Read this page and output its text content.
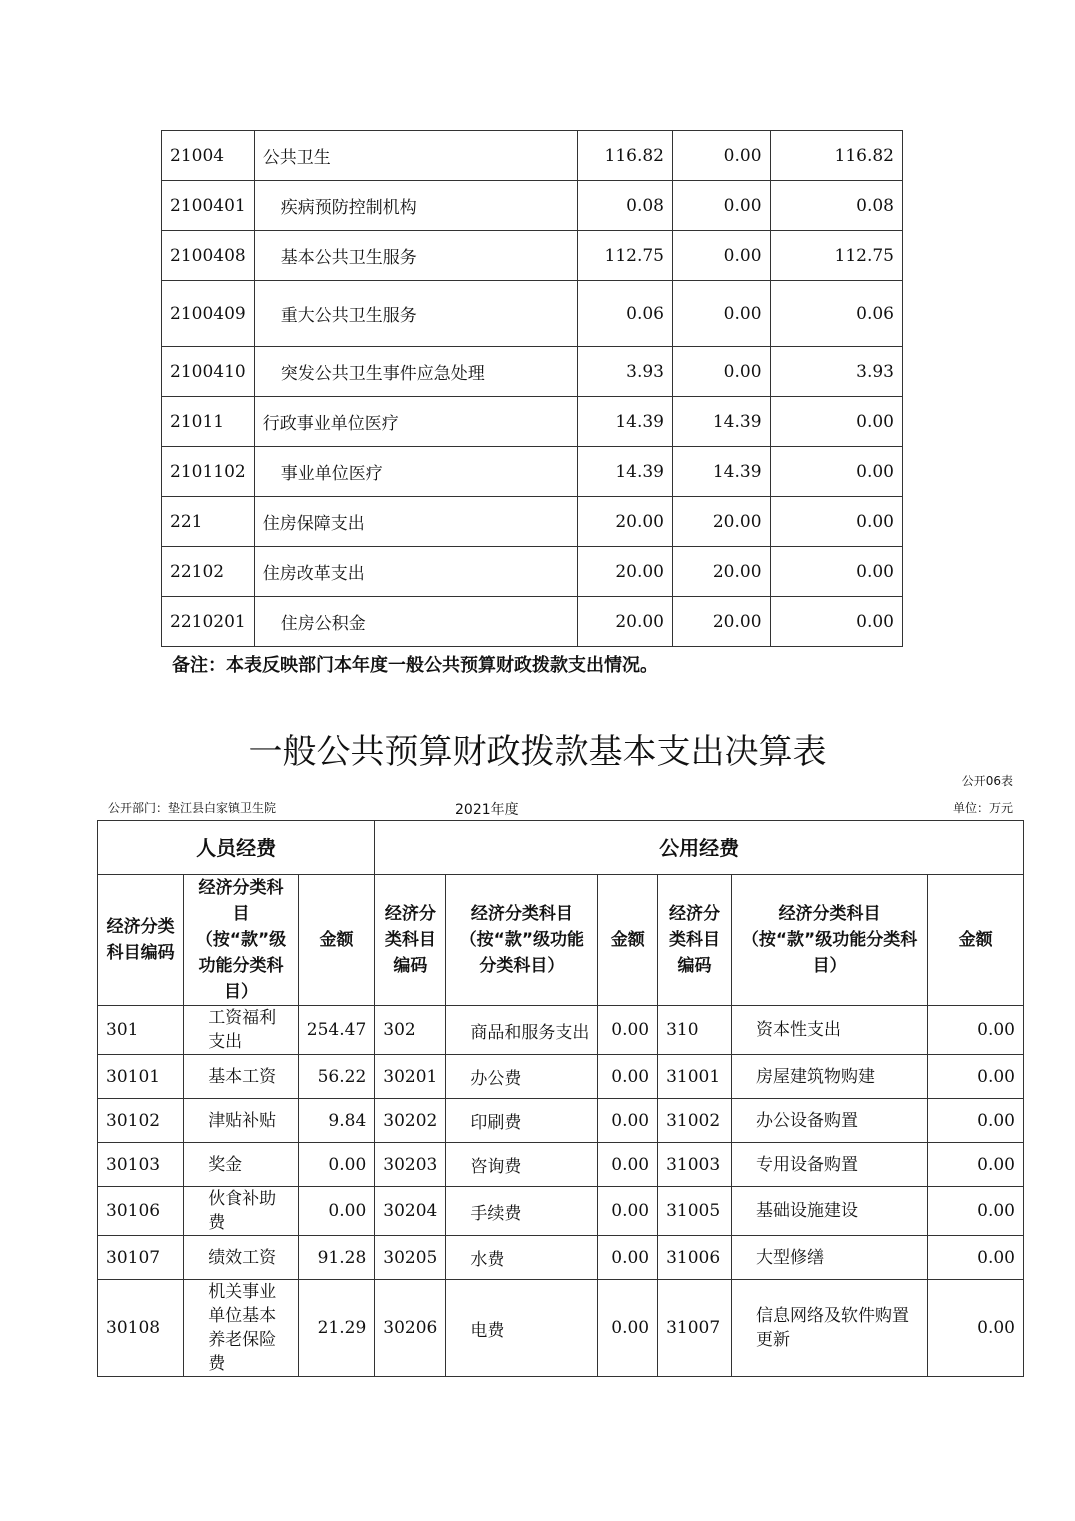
21004	公共卫生	116.82	0.00	116.82
2100401	疾病预防控制机构	0.08	0.00	0.08
2100408	基本公共卫生服务	112.75	0.00	112.75
2100409	重大公共卫生服务	0.06	0.00	0.06
2100410	突发公共卫生事件应急处理	3.93	0.00	3.93
21011	行政事业单位医疗	14.39	14.39	0.00
2101102	事业单位医疗	14.39	14.39	0.00
221	住房保障支出	20.00	20.00	0.00
22102	住房改革支出	20.00	20.00	0.00
2210201	住房公积金	20.00	20.00	0.00
备注：本表反映部门本年度一般公共预算财政拨款支出情况。
一般公共预算财政拨款基本支出决算表
公开06表
公开部门：垫江县白家镇卫生院	2021年度	单位：万元
人员经费			公用经费					
经济分类科目编码	经济分类科目（按“款”级功能分类科目）	金额	经济分类科目编码	经济分类科目（按“款”级功能分类科目）	金额	经济分类科目编码	经济分类科目（按“款”级功能分类科目）	金额
301	工资福利支出	254.47	302	商品和服务支出	0.00	310	资本性支出	0.00
30101	基本工资	56.22	30201	办公费	0.00	31001	房屋建筑物购建	0.00
30102	津贴补贴	9.84	30202	印刷费	0.00	31002	办公设备购置	0.00
30103	奖金	0.00	30203	咨询费	0.00	31003	专用设备购置	0.00
30106	伙食补助费	0.00	30204	手续费	0.00	31005	基础设施建设	0.00
30107	绩效工资	91.28	30205	水费	0.00	31006	大型修缮	0.00
30108	机关事业单位基本养老保险费	21.29	30206	电费	0.00	31007	信息网络及软件购置更新	0.00
